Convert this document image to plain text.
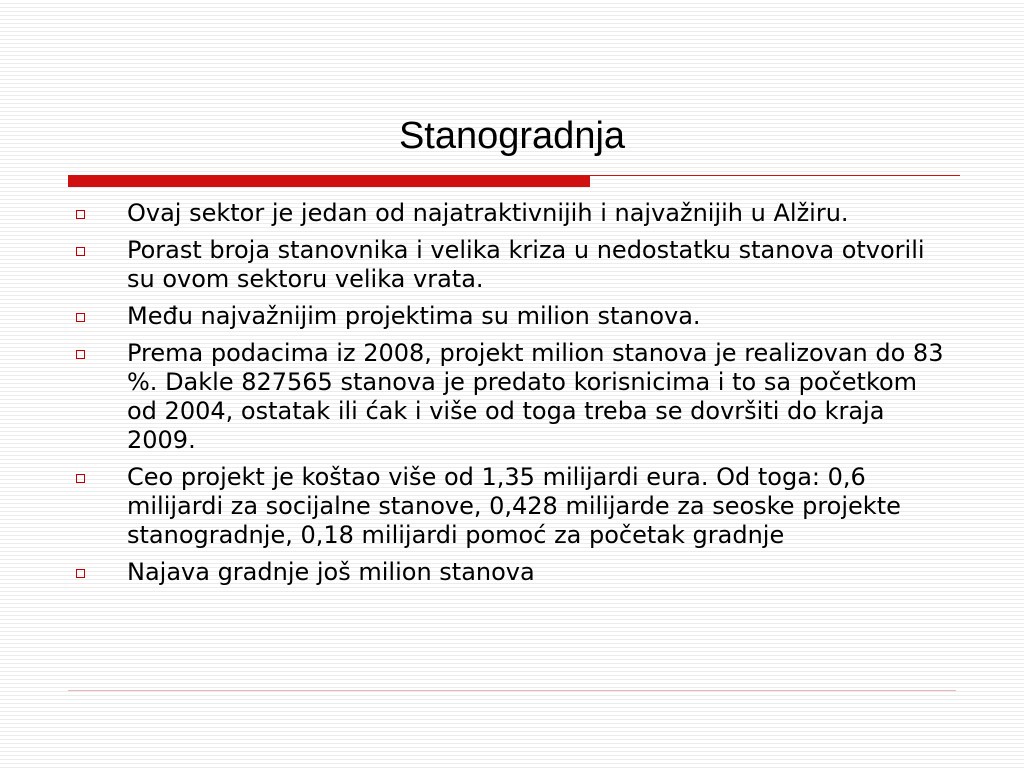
Stanogradnja
Ovaj sektor je jedan od najatraktivnijih i najvažnijih u Alžiru.
Porast broja stanovnika i velika kriza u nedostatku stanova otvorili su ovom sektoru velika vrata.
Među najvažnijim projektima su milion stanova.
Prema podacima iz 2008, projekt milion stanova je realizovan do 83 %. Dakle 827565 stanova je predato korisnicima i to sa početkom od 2004, ostatak ili ćak i više od toga treba se dovršiti do kraja 2009.
Ceo projekt je koštao više od 1,35 milijardi eura. Od toga: 0,6 milijardi za socijalne stanove, 0,428 milijarde za seoske projekte stanogradnje, 0,18 milijardi pomoć za početak gradnje
Najava gradnje još milion stanova
